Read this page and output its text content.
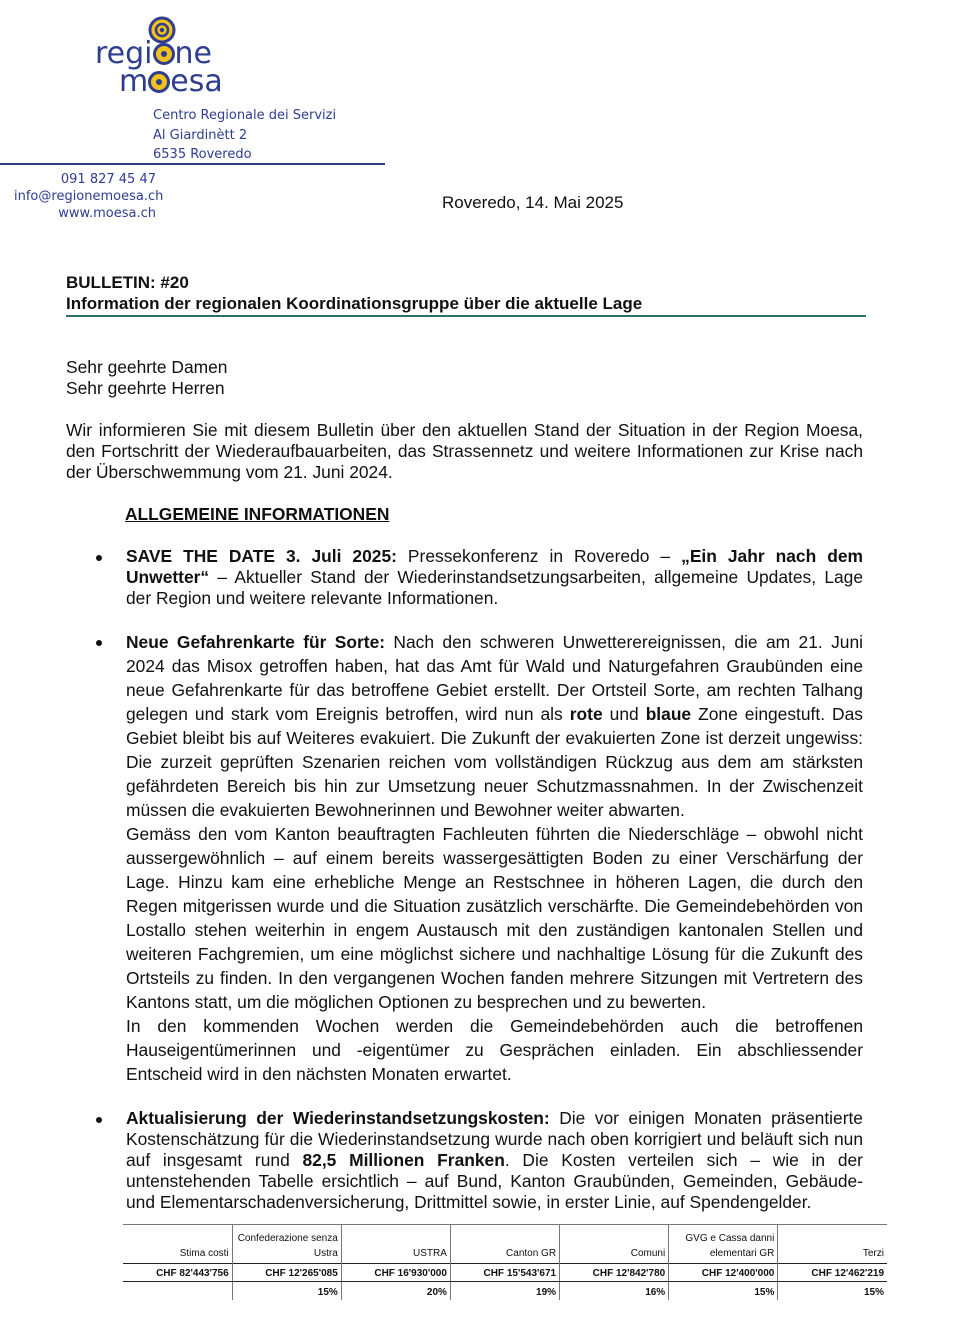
regi ne
m esa
Centro Regionale dei Servizi
Al Giardinètt 2
6535 Roveredo
091 827 45 47
info@regionemoesa.ch
www.moesa.ch
Roveredo, 14. Mai 2025
BULLETIN: #20
Information der regionalen Koordinationsgruppe über die aktuelle Lage
Sehr geehrte Damen
Sehr geehrte Herren
Wir informieren Sie mit diesem Bulletin über den aktuellen Stand der Situation in der Region Moesa, den Fortschritt der Wiederaufbauarbeiten, das Strassennetz und weitere Informationen zur Krise nach der Überschwemmung vom 21. Juni 2024.
ALLGEMEINE INFORMATIONEN

SAVE THE DATE 3. Juli 2025: Pressekonferenz in Roveredo – „Ein Jahr nach dem Unwetter“ – Aktueller Stand der Wiederinstandsetzungsarbeiten, allgemeine Updates, Lage der Region und weitere relevante Informationen.

Neue Gefahrenkarte für Sorte: Nach den schweren Unwetterereignissen, die am 21. Juni 2024 das Misox getroffen haben, hat das Amt für Wald und Naturgefahren Graubünden eine neue Gefahrenkarte für das betroffene Gebiet erstellt. Der Ortsteil Sorte, am rechten Talhang gelegen und stark vom Ereignis betroffen, wird nun als rote und blaue Zone eingestuft. Das Gebiet bleibt bis auf Weiteres evakuiert. Die Zukunft der evakuierten Zone ist derzeit ungewiss: Die zurzeit geprüften Szenarien reichen vom vollständigen Rückzug aus dem am stärksten gefährdeten Bereich bis hin zur Umsetzung neuer Schutzmassnahmen. In der Zwischenzeit müssen die evakuierten Bewohnerinnen und Bewohner weiter abwarten.

Gemäss den vom Kanton beauftragten Fachleuten führten die Niederschläge – obwohl nicht aussergewöhnlich – auf einem bereits wassergesättigten Boden zu einer Verschärfung der Lage. Hinzu kam eine erhebliche Menge an Restschnee in höheren Lagen, die durch den Regen mitgerissen wurde und die Situation zusätzlich verschärfte. Die Gemeindebehörden von Lostallo stehen weiterhin in engem Austausch mit den zuständigen kantonalen Stellen und weiteren Fachgremien, um eine möglichst sichere und nachhaltige Lösung für die Zukunft des Ortsteils zu finden. In den vergangenen Wochen fanden mehrere Sitzungen mit Vertretern des Kantons statt, um die möglichen Optionen zu besprechen und zu bewerten.

In den kommenden Wochen werden die Gemeindebehörden auch die betroffenen Hauseigentümerinnen und -eigentümer zu Gesprächen einladen. Ein abschliessender Entscheid wird in den nächsten Monaten erwartet.

Aktualisierung der Wiederinstandsetzungskosten: Die vor einigen Monaten präsentierte Kostenschätzung für die Wiederinstandsetzung wurde nach oben korrigiert und beläuft sich nun auf insgesamt rund 82,5 Millionen Franken. Die Kosten verteilen sich – wie in der untenstehenden Tabelle ersichtlich – auf Bund, Kanton Graubünden, Gemeinden, Gebäude- und Elementarschadenversicherung, Drittmittel sowie, in erster Linie, auf Spendengelder.

Stima costi	Confederazione senza Ustra	USTRA	Canton GR	Comuni	GVG e Cassa danni elementari GR	Terzi
CHF 82'443'756	CHF 12'265'085	CHF 16'930'000	CHF 15'543'671	CHF 12'842'780	CHF 12'400'000	CHF 12'462'219
	15%	20%	19%	16%	15%	15%
